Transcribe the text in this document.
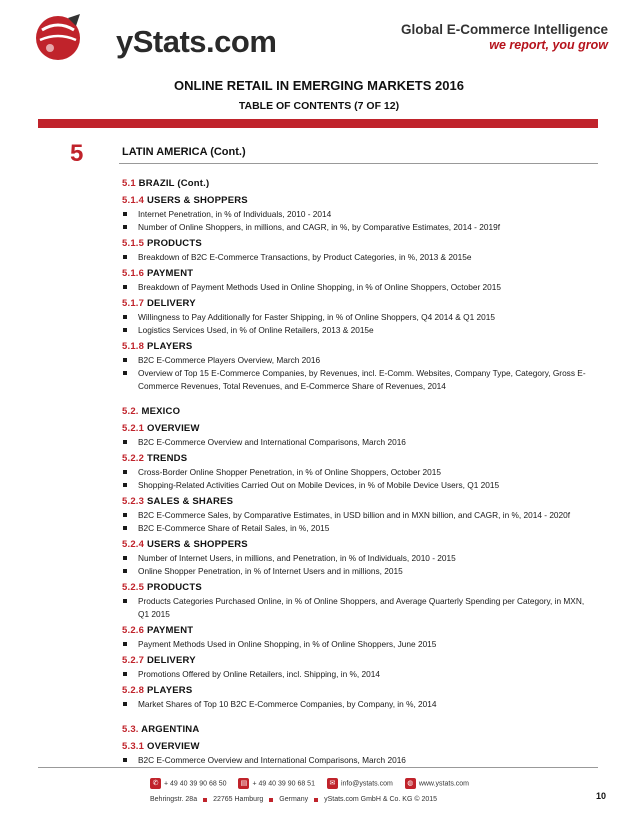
yStats.com	Global E-Commerce Intelligence
we report, you grow
ONLINE RETAIL IN EMERGING MARKETS 2016
TABLE OF CONTENTS (7 OF 12)
5	LATIN AMERICA (Cont.)
5.1 BRAZIL (Cont.)
5.1.4 USERS & SHOPPERS
Internet Penetration, in % of Individuals, 2010 - 2014
Number of Online Shoppers, in millions, and CAGR, in %, by Comparative Estimates, 2014 - 2019f
5.1.5 PRODUCTS
Breakdown of B2C E-Commerce Transactions, by Product Categories, in %, 2013 & 2015e
5.1.6 PAYMENT
Breakdown of Payment Methods Used in Online Shopping, in % of Online Shoppers, October 2015
5.1.7 DELIVERY
Willingness to Pay Additionally for Faster Shipping, in % of Online Shoppers, Q4 2014 & Q1 2015
Logistics Services Used, in % of Online Retailers, 2013 & 2015e
5.1.8 PLAYERS
B2C E-Commerce Players Overview, March 2016
Overview of Top 15 E-Commerce Companies, by Revenues, incl. E-Comm. Websites, Company Type, Category, Gross E-Commerce Revenues, Total Revenues, and E-Commerce Share of Revenues, 2014
5.2. MEXICO
5.2.1 OVERVIEW
B2C E-Commerce Overview and International Comparisons, March 2016
5.2.2 TRENDS
Cross-Border Online Shopper Penetration, in % of Online Shoppers, October 2015
Shopping-Related Activities Carried Out on Mobile Devices, in % of Mobile Device Users, Q1 2015
5.2.3 SALES & SHARES
B2C E-Commerce Sales, by Comparative Estimates, in USD billion and in MXN billion, and CAGR, in %, 2014 - 2020f
B2C E-Commerce Share of Retail Sales, in %, 2015
5.2.4 USERS & SHOPPERS
Number of Internet Users, in millions, and Penetration, in % of Individuals, 2010 - 2015
Online Shopper Penetration, in % of Internet Users and in millions, 2015
5.2.5 PRODUCTS
Products Categories Purchased Online, in % of Online Shoppers, and Average Quarterly Spending per Category, in MXN, Q1 2015
5.2.6 PAYMENT
Payment Methods Used in Online Shopping, in % of Online Shoppers, June 2015
5.2.7 DELIVERY
Promotions Offered by Online Retailers, incl. Shipping, in %, 2014
5.2.8 PLAYERS
Market Shares of Top 10 B2C E-Commerce Companies, by Company, in %, 2014
5.3. ARGENTINA
5.3.1 OVERVIEW
B2C E-Commerce Overview and International Comparisons, March 2016
✆ + 49 40 39 90 68 50	▤ + 49 40 39 90 68 51	✉ info@ystats.com	◍ www.ystats.com
Behringstr. 28a 22765 Hamburg Germany yStats.com GmbH & Co. KG © 2015	10
